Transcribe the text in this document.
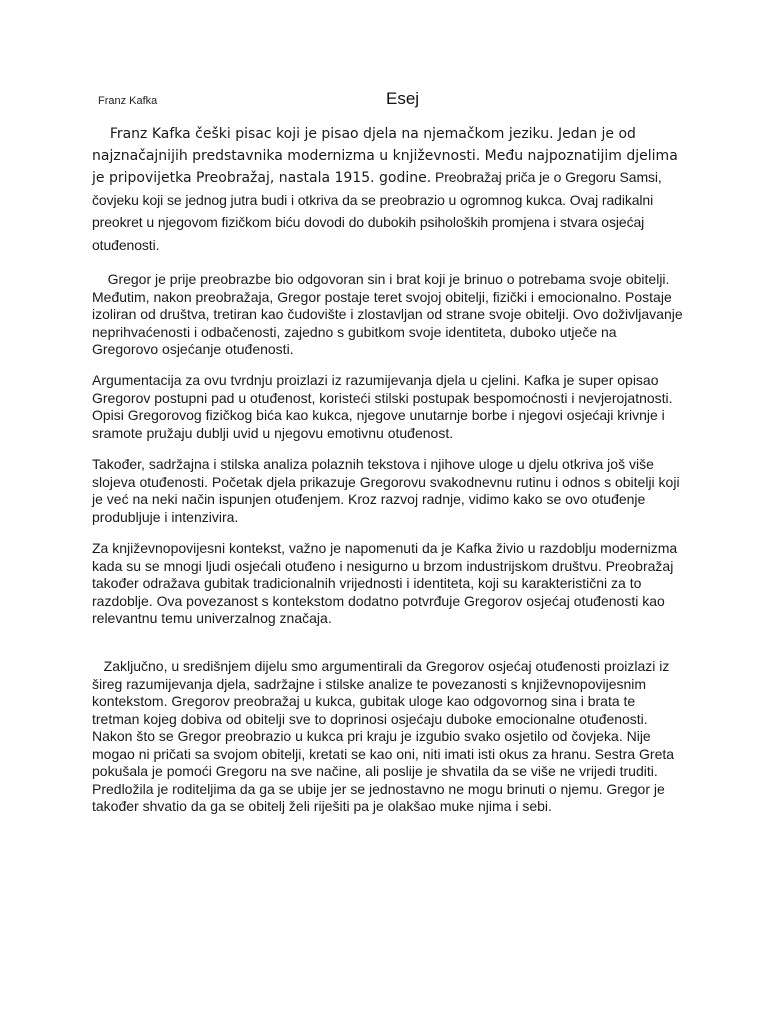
Franz Kafka	Esej

Franz Kafka češki pisac koji je pisao djela na njemačkom jeziku. Jedan je od najznačajnijih predstavnika modernizma u književnosti. Među najpoznatijim djelima je pripovijetka Preobražaj, nastala 1915. godine. Preobražaj priča je o Gregoru Samsi, čovjeku koji se jednog jutra budi i otkriva da se preobrazio u ogromnog kukca. Ovaj radikalni preokret u njegovom fizičkom biću dovodi do dubokih psiholoških promjena i stvara osjećaj otuđenosti.

Gregor je prije preobrazbe bio odgovoran sin i brat koji je brinuo o potrebama svoje obitelji. Međutim, nakon preobražaja, Gregor postaje teret svojoj obitelji, fizički i emocionalno. Postaje izoliran od društva, tretiran kao čudovište i zlostavljan od strane svoje obitelji. Ovo doživljavanje neprihvaćenosti i odbačenosti, zajedno s gubitkom svoje identiteta, duboko utječe na Gregorovo osjećanje otuđenosti.

Argumentacija za ovu tvrdnju proizlazi iz razumijevanja djela u cjelini. Kafka je super opisao Gregorov postupni pad u otuđenost, koristeći stilski postupak bespomoćnosti i nevjerojatnosti. Opisi Gregorovog fizičkog bića kao kukca, njegove unutarnje borbe i njegovi osjećaji krivnje i sramote pružaju dublji uvid u njegovu emotivnu otuđenost.

Također, sadržajna i stilska analiza polaznih tekstova i njihove uloge u djelu otkriva još više slojeva otuđenosti. Početak djela prikazuje Gregorovu svakodnevnu rutinu i odnos s obitelji koji je već na neki način ispunjen otuđenjem. Kroz razvoj radnje, vidimo kako se ovo otuđenje produbljuje i intenzivira.

Za književnopovijesni kontekst, važno je napomenuti da je Kafka živio u razdoblju modernizma kada su se mnogi ljudi osjećali otuđeno i nesigurno u brzom industrijskom društvu. Preobražaj također odražava gubitak tradicionalnih vrijednosti i identiteta, koji su karakteristični za to razdoblje. Ova povezanost s kontekstom dodatno potvrđuje Gregorov osjećaj otuđenosti kao relevantnu temu univerzalnog značaja.

Zaključno, u središnjem dijelu smo argumentirali da Gregorov osjećaj otuđenosti proizlazi iz šireg razumijevanja djela, sadržajne i stilske analize te povezanosti s književnopovijesnim kontekstom. Gregorov preobražaj u kukca, gubitak uloge kao odgovornog sina i brata te tretman kojeg dobiva od obitelji sve to doprinosi osjećaju duboke emocionalne otuđenosti. Nakon što se Gregor preobrazio u kukca pri kraju je izgubio svako osjetilo od čovjeka. Nije mogao ni pričati sa svojom obitelji, kretati se kao oni, niti imati isti okus za hranu. Sestra Greta pokušala je pomoći Gregoru na sve načine, ali poslije je shvatila da se više ne vrijedi truditi. Predložila je roditeljima da ga se ubije jer se jednostavno ne mogu brinuti o njemu. Gregor je također shvatio da ga se obitelj želi riješiti pa je olakšao muke njima i sebi.
